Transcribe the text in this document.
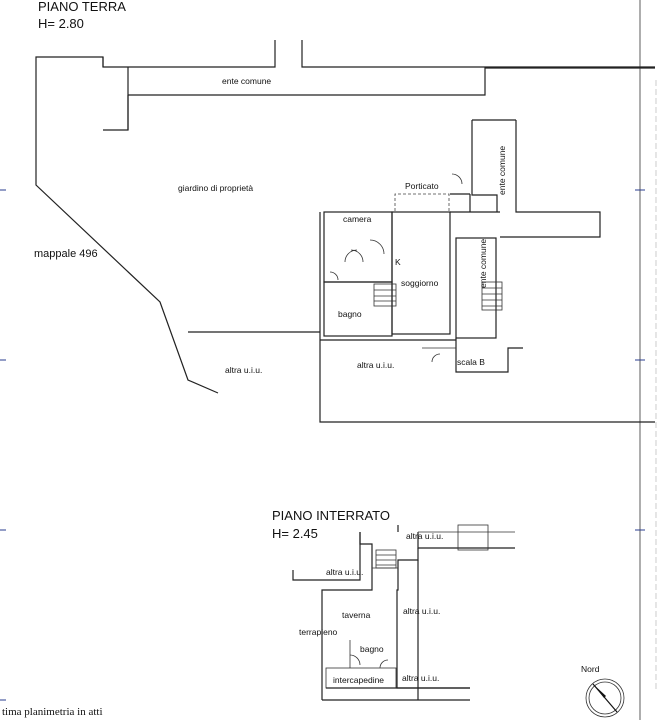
PIANO TERRA
H= 2.80
ente comune
ente comune
ente comune
giardino di proprietà
mappale 496
Porticato
camera
K
soggiorno
bagno
altra u.i.u.	altra u.i.u.	scala B
PIANO INTERRATO
H= 2.45	altra u.i.u.
altra u.i.u.
altra u.i.u.
altra u.i.u.
taverna
terrapieno
bagno
intercapedine
Nord
tima planimetria in atti
